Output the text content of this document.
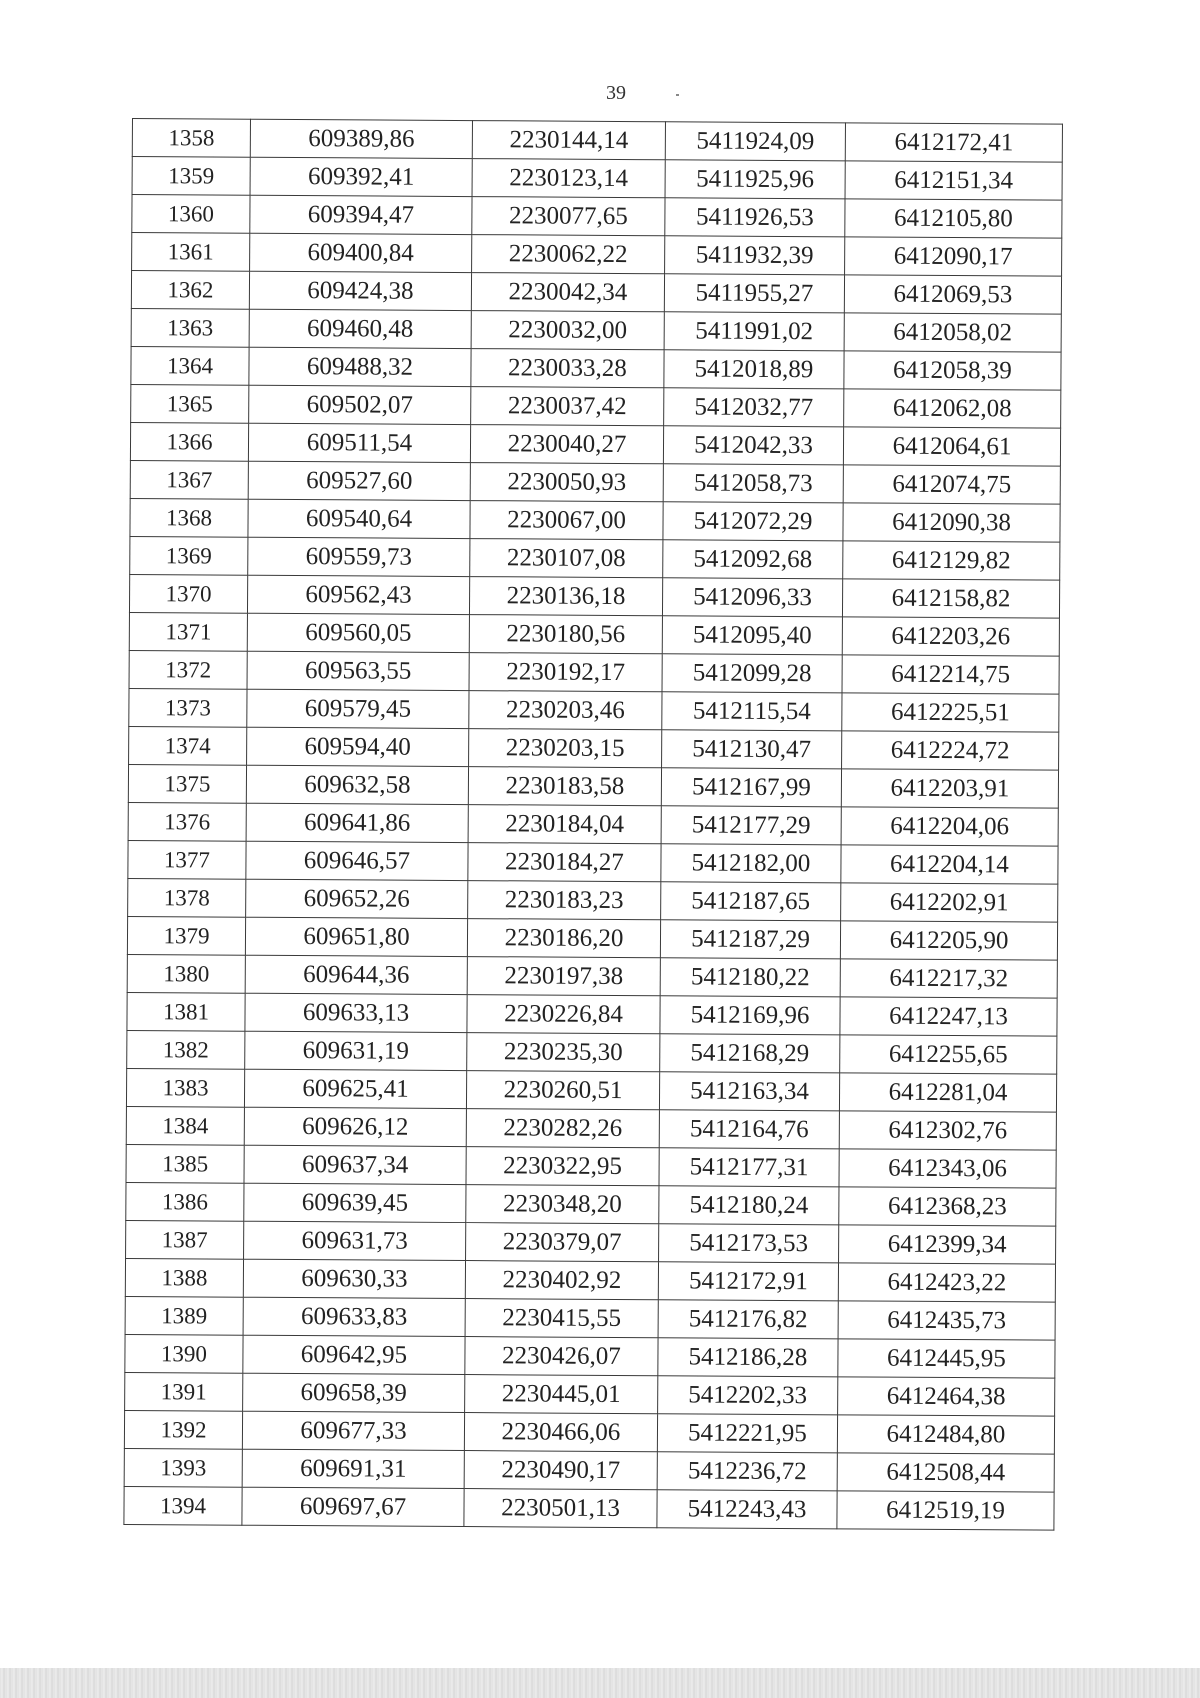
39
1358	609389,86	2230144,14	5411924,09	6412172,41
1359	609392,41	2230123,14	5411925,96	6412151,34
1360	609394,47	2230077,65	5411926,53	6412105,80
1361	609400,84	2230062,22	5411932,39	6412090,17
1362	609424,38	2230042,34	5411955,27	6412069,53
1363	609460,48	2230032,00	5411991,02	6412058,02
1364	609488,32	2230033,28	5412018,89	6412058,39
1365	609502,07	2230037,42	5412032,77	6412062,08
1366	609511,54	2230040,27	5412042,33	6412064,61
1367	609527,60	2230050,93	5412058,73	6412074,75
1368	609540,64	2230067,00	5412072,29	6412090,38
1369	609559,73	2230107,08	5412092,68	6412129,82
1370	609562,43	2230136,18	5412096,33	6412158,82
1371	609560,05	2230180,56	5412095,40	6412203,26
1372	609563,55	2230192,17	5412099,28	6412214,75
1373	609579,45	2230203,46	5412115,54	6412225,51
1374	609594,40	2230203,15	5412130,47	6412224,72
1375	609632,58	2230183,58	5412167,99	6412203,91
1376	609641,86	2230184,04	5412177,29	6412204,06
1377	609646,57	2230184,27	5412182,00	6412204,14
1378	609652,26	2230183,23	5412187,65	6412202,91
1379	609651,80	2230186,20	5412187,29	6412205,90
1380	609644,36	2230197,38	5412180,22	6412217,32
1381	609633,13	2230226,84	5412169,96	6412247,13
1382	609631,19	2230235,30	5412168,29	6412255,65
1383	609625,41	2230260,51	5412163,34	6412281,04
1384	609626,12	2230282,26	5412164,76	6412302,76
1385	609637,34	2230322,95	5412177,31	6412343,06
1386	609639,45	2230348,20	5412180,24	6412368,23
1387	609631,73	2230379,07	5412173,53	6412399,34
1388	609630,33	2230402,92	5412172,91	6412423,22
1389	609633,83	2230415,55	5412176,82	6412435,73
1390	609642,95	2230426,07	5412186,28	6412445,95
1391	609658,39	2230445,01	5412202,33	6412464,38
1392	609677,33	2230466,06	5412221,95	6412484,80
1393	609691,31	2230490,17	5412236,72	6412508,44
1394	609697,67	2230501,13	5412243,43	6412519,19
